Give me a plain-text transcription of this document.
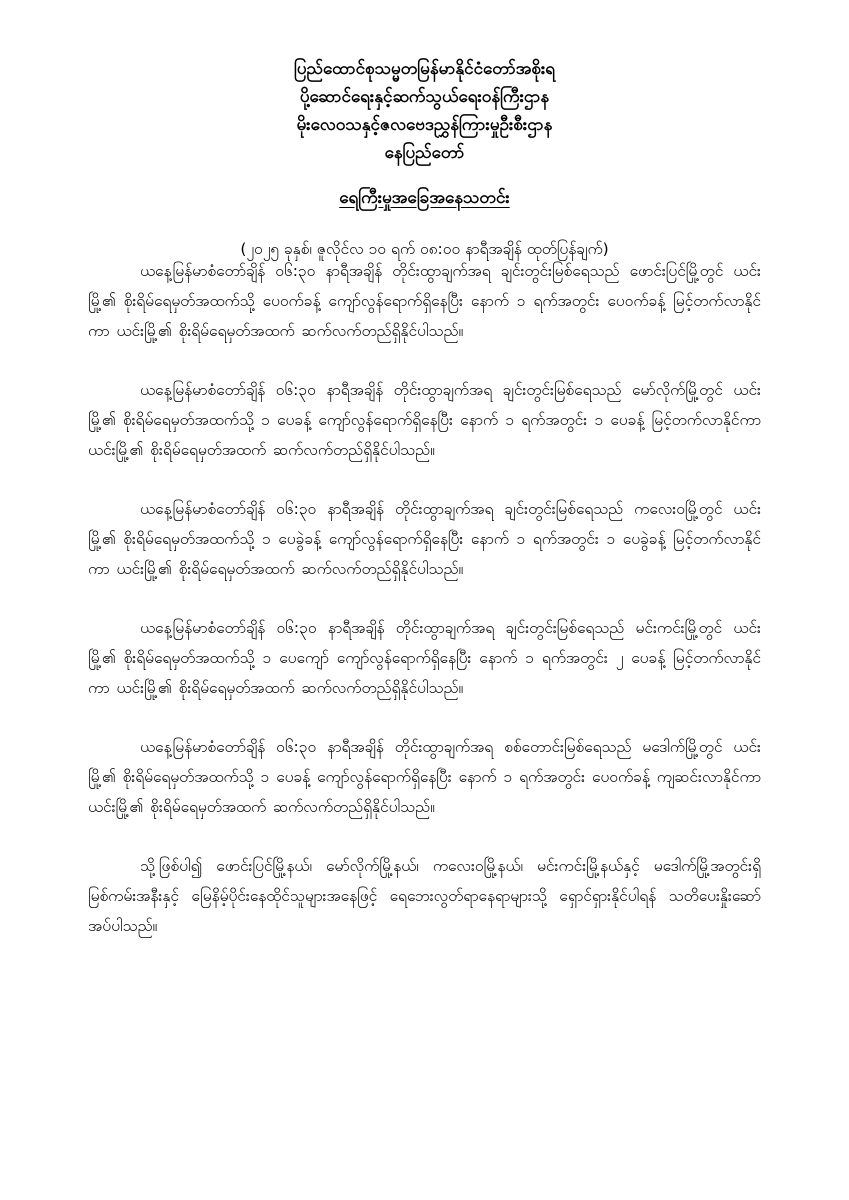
ပြည်ထောင်စုသမ္မတမြန်မာနိုင်ငံတော်အစိုးရ
ပို့ဆောင်ရေးနှင့်ဆက်သွယ်ရေးဝန်ကြီးဌာန
မိုးလေဝသနှင့်ဇလဗေဒညွှန်ကြားမှုဦးစီးဌာန
နေပြည်တော်
ရေကြီးမှုအခြေအနေသတင်း
(၂၀၂၅ ခုနှစ်၊ ဇူလိုင်လ ၁၀ ရက် ၀၈:၀၀ နာရီအချိန် ထုတ်ပြန်ချက်)

ယနေ့မြန်မာစံတော်ချိန် ၀၆:၃၀ နာရီအချိန် တိုင်းထွာချက်အရ ချင်းတွင်းမြစ်ရေသည် ဖောင်းပြင်မြို့တွင် ယင်းမြို့၏ စိုးရိမ်ရေမှတ်အထက်သို့ ပေ၀က်ခန့် ကျော်လွန်ရောက်ရှိနေပြီး နောက် ၁ ရက်အတွင်း ပေ၀က်ခန့် မြင့်တက်လာနိုင်ကာ ယင်းမြို့၏ စိုးရိမ်ရေမှတ်အထက် ဆက်လက်တည်ရှိနိုင်ပါသည်။

ယနေ့မြန်မာစံတော်ချိန် ၀၆:၃၀ နာရီအချိန် တိုင်းထွာချက်အရ ချင်းတွင်းမြစ်ရေသည် မော်လိုက်မြို့တွင် ယင်းမြို့၏ စိုးရိမ်ရေမှတ်အထက်သို့ ၁ ပေခန့် ကျော်လွန်ရောက်ရှိနေပြီး နောက် ၁ ရက်အတွင်း ၁ ပေခန့် မြင့်တက်လာနိုင်ကာ ယင်းမြို့၏ စိုးရိမ်ရေမှတ်အထက် ဆက်လက်တည်ရှိနိုင်ပါသည်။

ယနေ့မြန်မာစံတော်ချိန် ၀၆:၃၀ နာရီအချိန် တိုင်းထွာချက်အရ ချင်းတွင်းမြစ်ရေသည် ကလေးဝမြို့တွင် ယင်းမြို့၏ စိုးရိမ်ရေမှတ်အထက်သို့ ၁ ပေခွဲခန့် ကျော်လွန်ရောက်ရှိနေပြီး နောက် ၁ ရက်အတွင်း ၁ ပေခွဲခန့် မြင့်တက်လာနိုင်ကာ ယင်းမြို့၏ စိုးရိမ်ရေမှတ်အထက် ဆက်လက်တည်ရှိနိုင်ပါသည်။

ယနေ့မြန်မာစံတော်ချိန် ၀၆:၃၀ နာရီအချိန် တိုင်းထွာချက်အရ ချင်းတွင်းမြစ်ရေသည် မင်းကင်းမြို့တွင် ယင်းမြို့၏ စိုးရိမ်ရေမှတ်အထက်သို့ ၁ ပေကျော် ကျော်လွန်ရောက်ရှိနေပြီး နောက် ၁ ရက်အတွင်း ၂ ပေခန့် မြင့်တက်လာနိုင်ကာ ယင်းမြို့၏ စိုးရိမ်ရေမှတ်အထက် ဆက်လက်တည်ရှိနိုင်ပါသည်။

ယနေ့မြန်မာစံတော်ချိန် ၀၆:၃၀ နာရီအချိန် တိုင်းထွာချက်အရ စစ်တောင်းမြစ်ရေသည် မဒေါက်မြို့တွင် ယင်းမြို့၏ စိုးရိမ်ရေမှတ်အထက်သို့ ၁ ပေခန့် ကျော်လွန်ရောက်ရှိနေပြီး နောက် ၁ ရက်အတွင်း ပေ၀က်ခန့် ကျဆင်းလာနိုင်ကာ ယင်းမြို့၏ စိုးရိမ်ရေမှတ်အထက် ဆက်လက်တည်ရှိနိုင်ပါသည်။

သို့ဖြစ်ပါ၍ ဖောင်းပြင်မြို့နယ်၊ မော်လိုက်မြို့နယ်၊ ကလေးဝမြို့နယ်၊ မင်းကင်းမြို့နယ်နှင့် မဒေါက်မြို့အတွင်းရှိ မြစ်ကမ်းအနီးနှင့် မြေနိမ့်ပိုင်းနေထိုင်သူများအနေဖြင့် ရေဘေးလွတ်ရာနေရာများသို့ ရှောင်ရှားနိုင်ပါရန် သတိပေးနှိုးဆော်အပ်ပါသည်။
